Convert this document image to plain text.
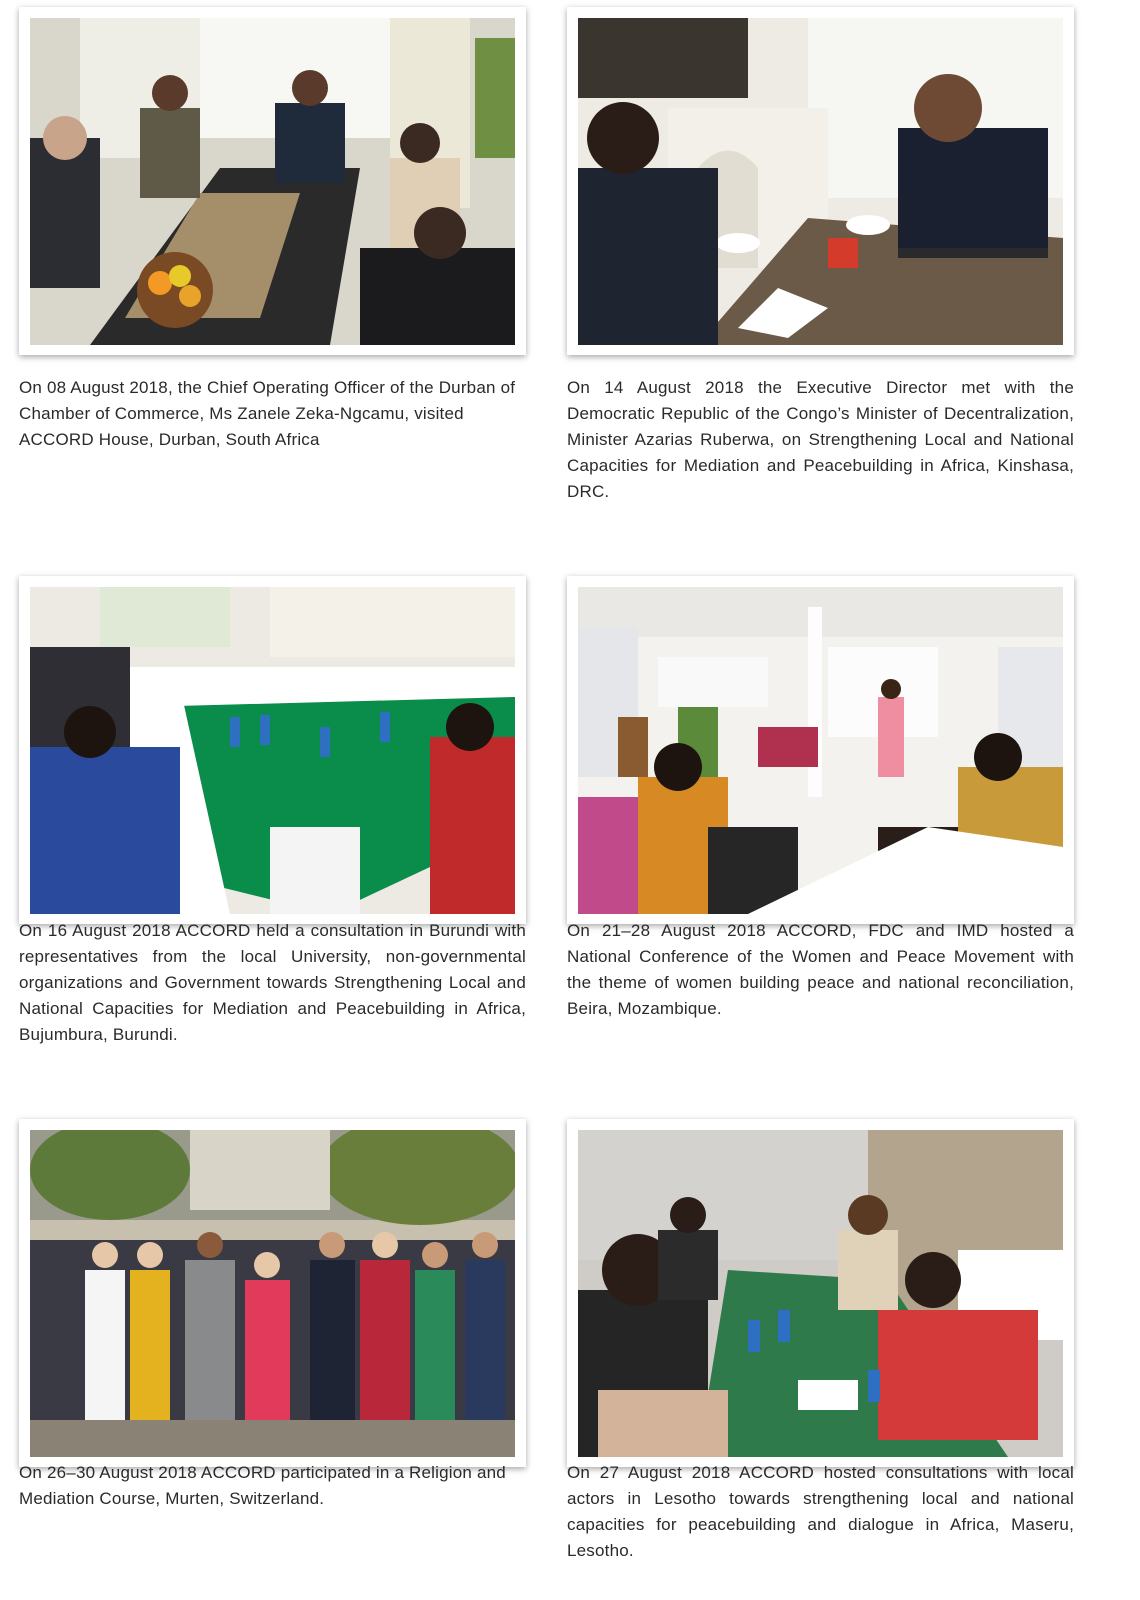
On 08 August 2018, the Chief Operating Officer of the Durban of Chamber of Commerce, Ms Zanele Zeka-Ngcamu, visited ACCORD House, Durban, South Africa

On 14 August 2018 the Executive Director met with the Democratic Republic of the Congo’s Minister of Decentralization, Minister Azarias Ruberwa, on Strengthening Local and National Capacities for Mediation and Peacebuilding in Africa, Kinshasa, DRC.

On 16 August 2018 ACCORD held a consultation in Burundi with representatives from the local University, non-governmental organizations and Government towards Strengthening Local and National Capacities for Mediation and Peacebuilding in Africa, Bujumbura, Burundi.

On 21–28 August 2018 ACCORD, FDC and IMD hosted a National Conference of the Women and Peace Movement with the theme of women building peace and national reconciliation, Beira, Mozambique.

On 26–30 August 2018 ACCORD participated in a Religion and Mediation Course, Murten, Switzerland.

On 27 August 2018 ACCORD hosted consultations with local actors in Lesotho towards strengthening local and national capacities for peacebuilding and dialogue in Africa, Maseru, Lesotho.
